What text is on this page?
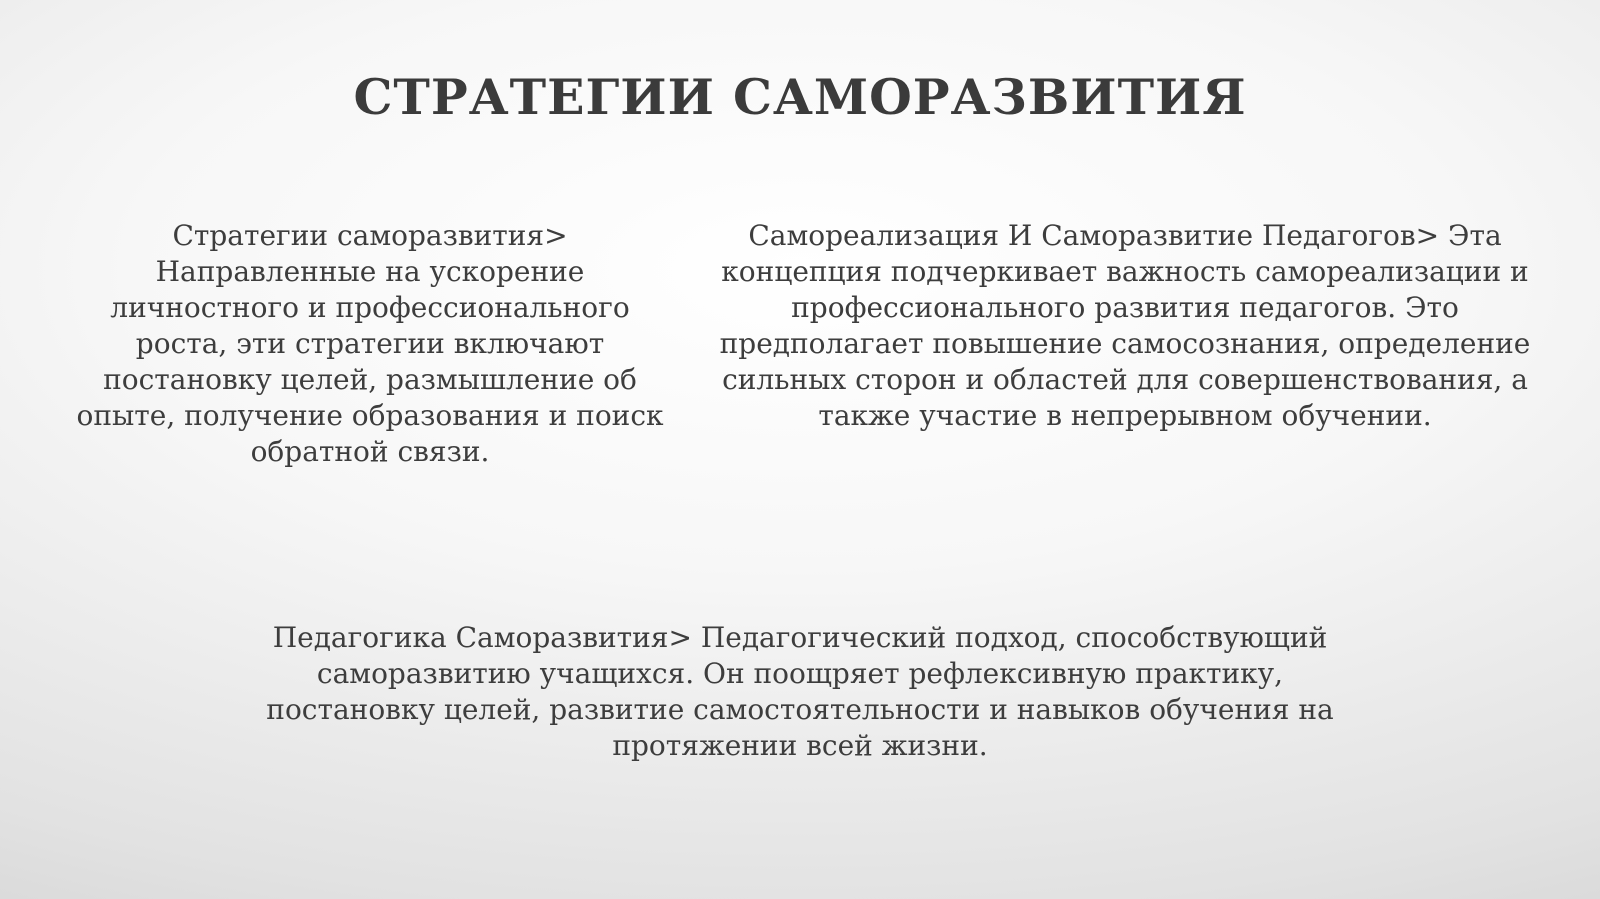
СТРАТЕГИИ САМОРАЗВИТИЯ

Стратегии саморазвития> Направленные на ускорение личностного и профессионального роста, эти стратегии включают постановку целей, размышление об опыте, получение образования и поиск обратной связи.

Самореализация И Саморазвитие Педагогов> Эта концепция подчеркивает важность самореализации и профессионального развития педагогов. Это предполагает повышение самосознания, определение сильных сторон и областей для совершенствования, а также участие в непрерывном обучении.

Педагогика Саморазвития> Педагогический подход, способствующий саморазвитию учащихся. Он поощряет рефлексивную практику, постановку целей, развитие самостоятельности и навыков обучения на протяжении всей жизни.
